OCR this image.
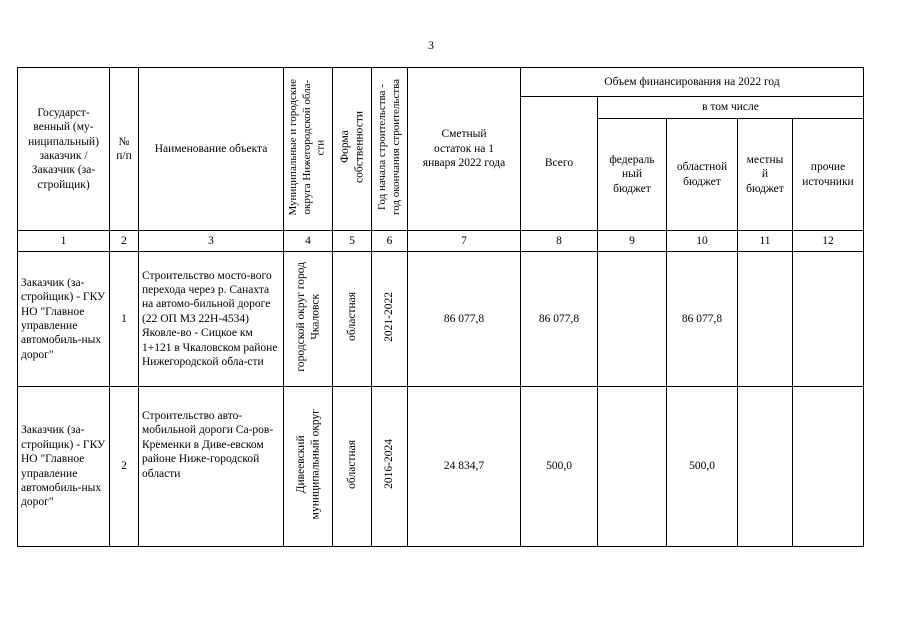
3
Государст-венный (му-ниципальный) заказчик / Заказчик (за-стройщик)	№ п/п	Наименование объекта	Муниципальные и городские округа Нижегородской обла- сти	Форма собственности	Год начала строительства - год окончания строительства	Сметный остаток на 1 января 2022 года	Объем финансирования на 2022 год				
							Всего	в том числе			
								федераль ный бюджет	областной бюджет	местны й бюджет	прочие источники
1	2	3	4	5	6	7	8	9	10	11	12
Заказчик (за-стройщик) - ГКУ НО "Главное управление автомобиль-ных дорог"	1	Строительство мосто-вого перехода через р. Санахта на автомо-бильной дороге (22 ОП МЗ 22Н-4534) Яковле-во - Сицкое км 1+121 в Чкаловском районе Нижегородской обла-сти	городской округ город Чкаловск	областная	2021-2022	86 077,8	86 077,8		86 077,8		
Заказчик (за-стройщик) - ГКУ НО "Главное управление автомобиль-ных дорог"	2	Строительство авто-мобильной дороги Са-ров-Кременки в Диве-евском районе Ниже-городской области	Дивеевский муниципальный округ	областная	2016-2024	24 834,7	500,0		500,0		
